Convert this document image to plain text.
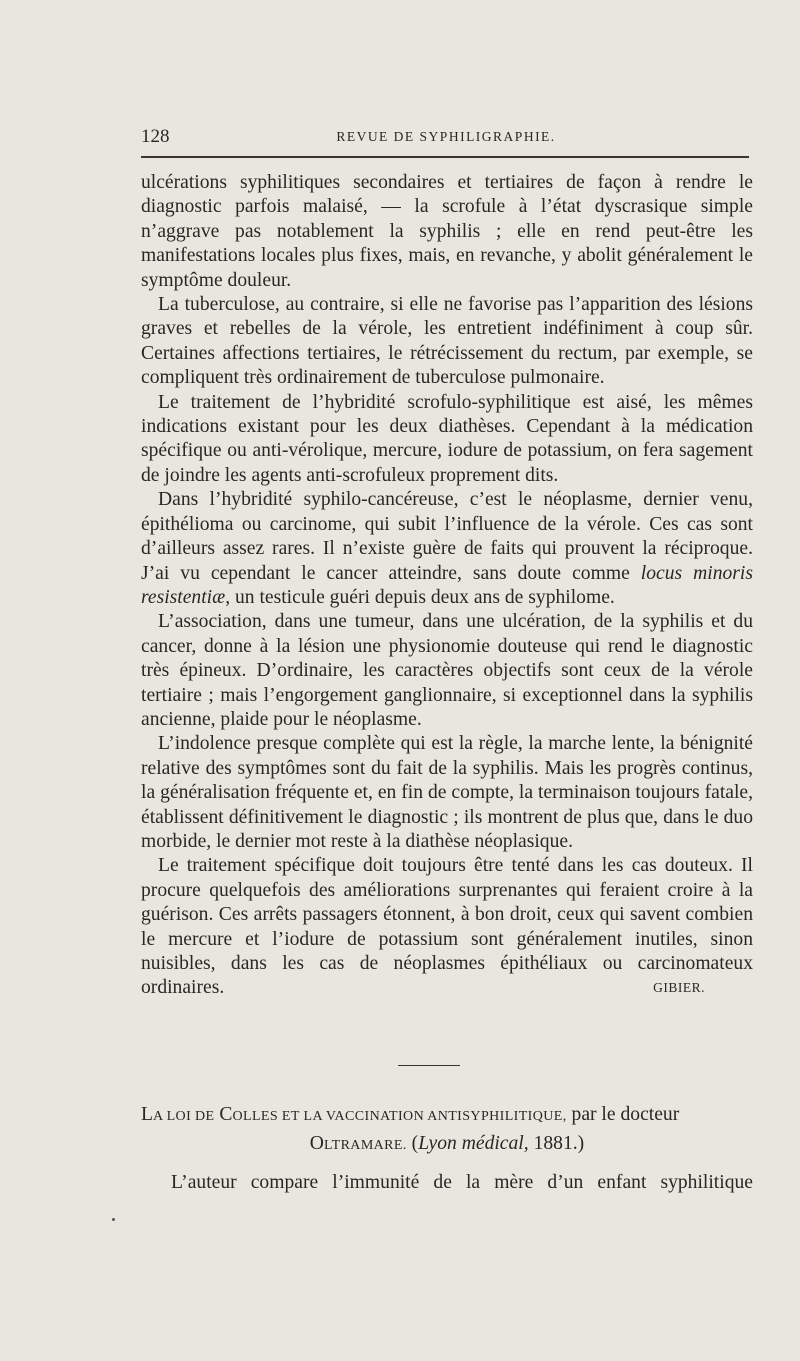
128	REVUE DE SYPHILIGRAPHIE.

ulcérations syphilitiques secondaires et tertiaires de façon à rendre le diagnostic parfois malaisé, — la scrofule à l’état dyscrasique simple n’aggrave pas notablement la syphilis ; elle en rend peut-être les manifestations locales plus fixes, mais, en revanche, y abolit généralement le symptôme douleur.

La tuberculose, au contraire, si elle ne favorise pas l’apparition des lésions graves et rebelles de la vérole, les entretient indéfiniment à coup sûr. Certaines affections tertiaires, le rétrécissement du rectum, par exemple, se compliquent très ordinairement de tuberculose pulmonaire.

Le traitement de l’hybridité scrofulo-syphilitique est aisé, les mêmes indications existant pour les deux diathèses. Cependant à la médication spécifique ou anti-vérolique, mercure, iodure de potassium, on fera sagement de joindre les agents anti-scrofuleux proprement dits.

Dans l’hybridité syphilo-cancéreuse, c’est le néoplasme, dernier venu, épithélioma ou carcinome, qui subit l’influence de la vérole. Ces cas sont d’ailleurs assez rares. Il n’existe guère de faits qui prouvent la réciproque. J’ai vu cependant le cancer atteindre, sans doute comme locus minoris resistentiæ, un testicule guéri depuis deux ans de syphilome.

L’association, dans une tumeur, dans une ulcération, de la syphilis et du cancer, donne à la lésion une physionomie douteuse qui rend le diagnostic très épineux. D’ordinaire, les caractères objectifs sont ceux de la vérole tertiaire ; mais l’engorgement ganglionnaire, si exceptionnel dans la syphilis ancienne, plaide pour le néoplasme.

L’indolence presque complète qui est la règle, la marche lente, la bénignité relative des symptômes sont du fait de la syphilis. Mais les progrès continus, la généralisation fréquente et, en fin de compte, la terminaison toujours fatale, établissent définitivement le diagnostic ; ils montrent de plus que, dans le duo morbide, le dernier mot reste à la diathèse néoplasique.

Le traitement spécifique doit toujours être tenté dans les cas douteux. Il procure quelquefois des améliorations surprenantes qui feraient croire à la guérison. Ces arrêts passagers étonnent, à bon droit, ceux qui savent combien le mercure et l’iodure de potassium sont généralement inutiles, sinon nuisibles, dans les cas de néoplasmes épithéliaux ou carcinomateux ordinaires.	GIBIER.

LA LOI DE COLLES ET LA VACCINATION ANTISYPHILITIQUE, par le docteur
OLTRAMARE. (Lyon médical, 1881.)
L’auteur compare l’immunité de la mère d’un enfant syphilitique
